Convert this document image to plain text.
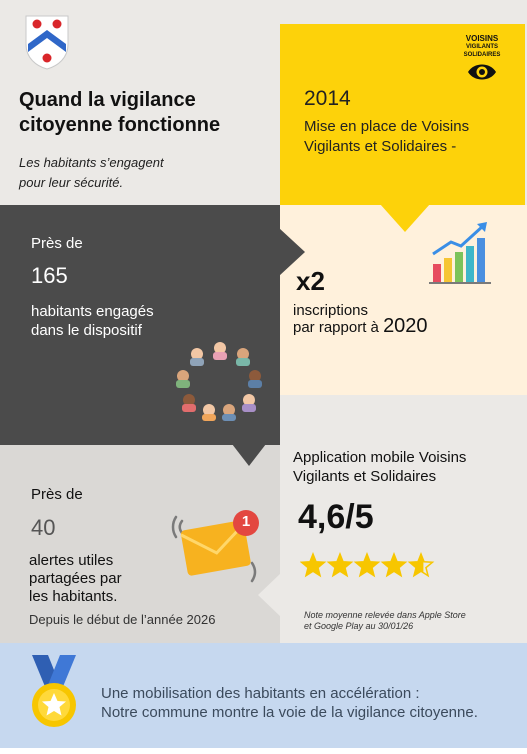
Quand la vigilance
citoyenne fonctionne
Les habitants s’engagent
pour leur sécurité.
VOISINS
VIGILANTS
SOLIDAIRES
2014
Mise en place de Voisins
Vigilants et Solidaires -
Près de
165
habitants engagés
dans le dispositif
x2
inscriptions
par rapport à 2020
Près de
40
alertes utiles
partagées par
les habitants.
Depuis le début de l’année 2026
1
Application mobile Voisins
Vigilants et Solidaires
4,6/5
Note moyenne relevée dans Apple Store
et Google Play au 30/01/26
Une mobilisation des habitants en accélération :
Notre commune montre la voie de la vigilance citoyenne.
